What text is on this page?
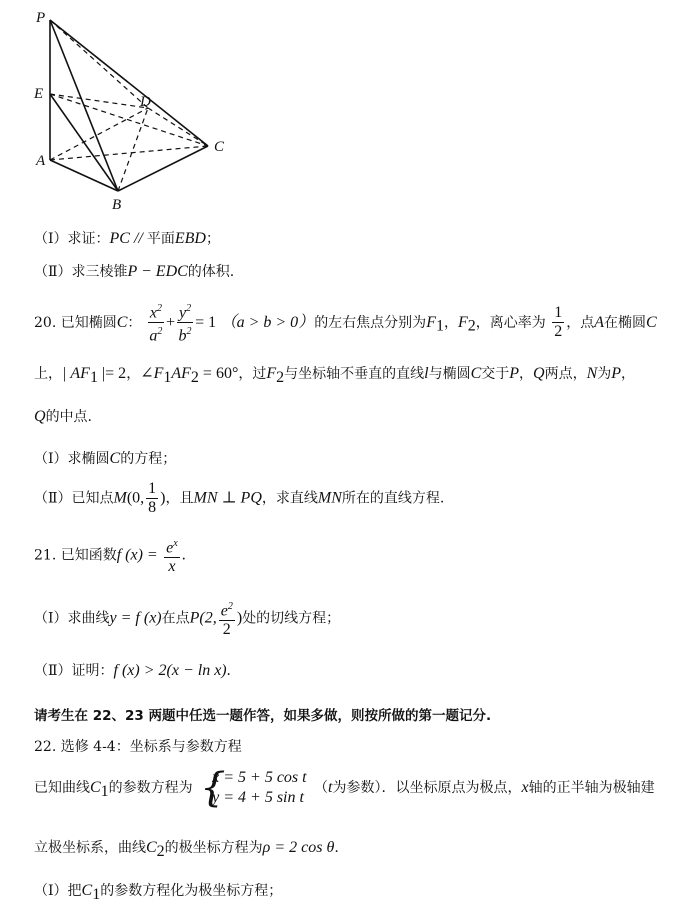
P
E
A
B
C
D
（Ⅰ）求证：PC // 平面EBD；
（Ⅱ）求三棱锥P − EDC的体积.
20. 已知椭圆C： $\frac{x^2}{a^2} + \frac{y^2}{b^2} = 1$ （a > b > 0）的左右焦点分别为$F_1$，$F_2$，离心率为 $\frac{1}{2}$ ，点A在椭圆C
上，| $AF_1$ |= 2，$\angle F_1AF_2 = 60^\circ$，过$F_2$与坐标轴不垂直的直线l与椭圆C交于P，Q两点，N为P，
Q的中点.
（Ⅰ）求椭圆C的方程；
（Ⅱ）已知点M(0, $\frac{1}{8}$ )，且MN ⊥ PQ，求直线MN所在的直线方程.
21. 已知函数f $(x) = \frac{e^x}{x}$ .
（Ⅰ）求曲线y = f (x)在点P(2, $\frac{e^2}{2}$ )处的切线方程；
（Ⅱ）证明：f (x) > 2(x − ln x).
请考生在 22、23 两题中任选一题作答，如果多做，则按所做的第一题记分.
22. 选修 4-4：坐标系与参数方程
已知曲线$C_1$的参数方程为 {
x = 5 + 5 cos t
y = 4 + 5 sin t
（t为参数）．以坐标原点为极点，x轴的正半轴为极轴建
立极坐标系，曲线$C_2$的极坐标方程为ρ = 2 cos θ.
（Ⅰ）把$C_1$的参数方程化为极坐标方程；
